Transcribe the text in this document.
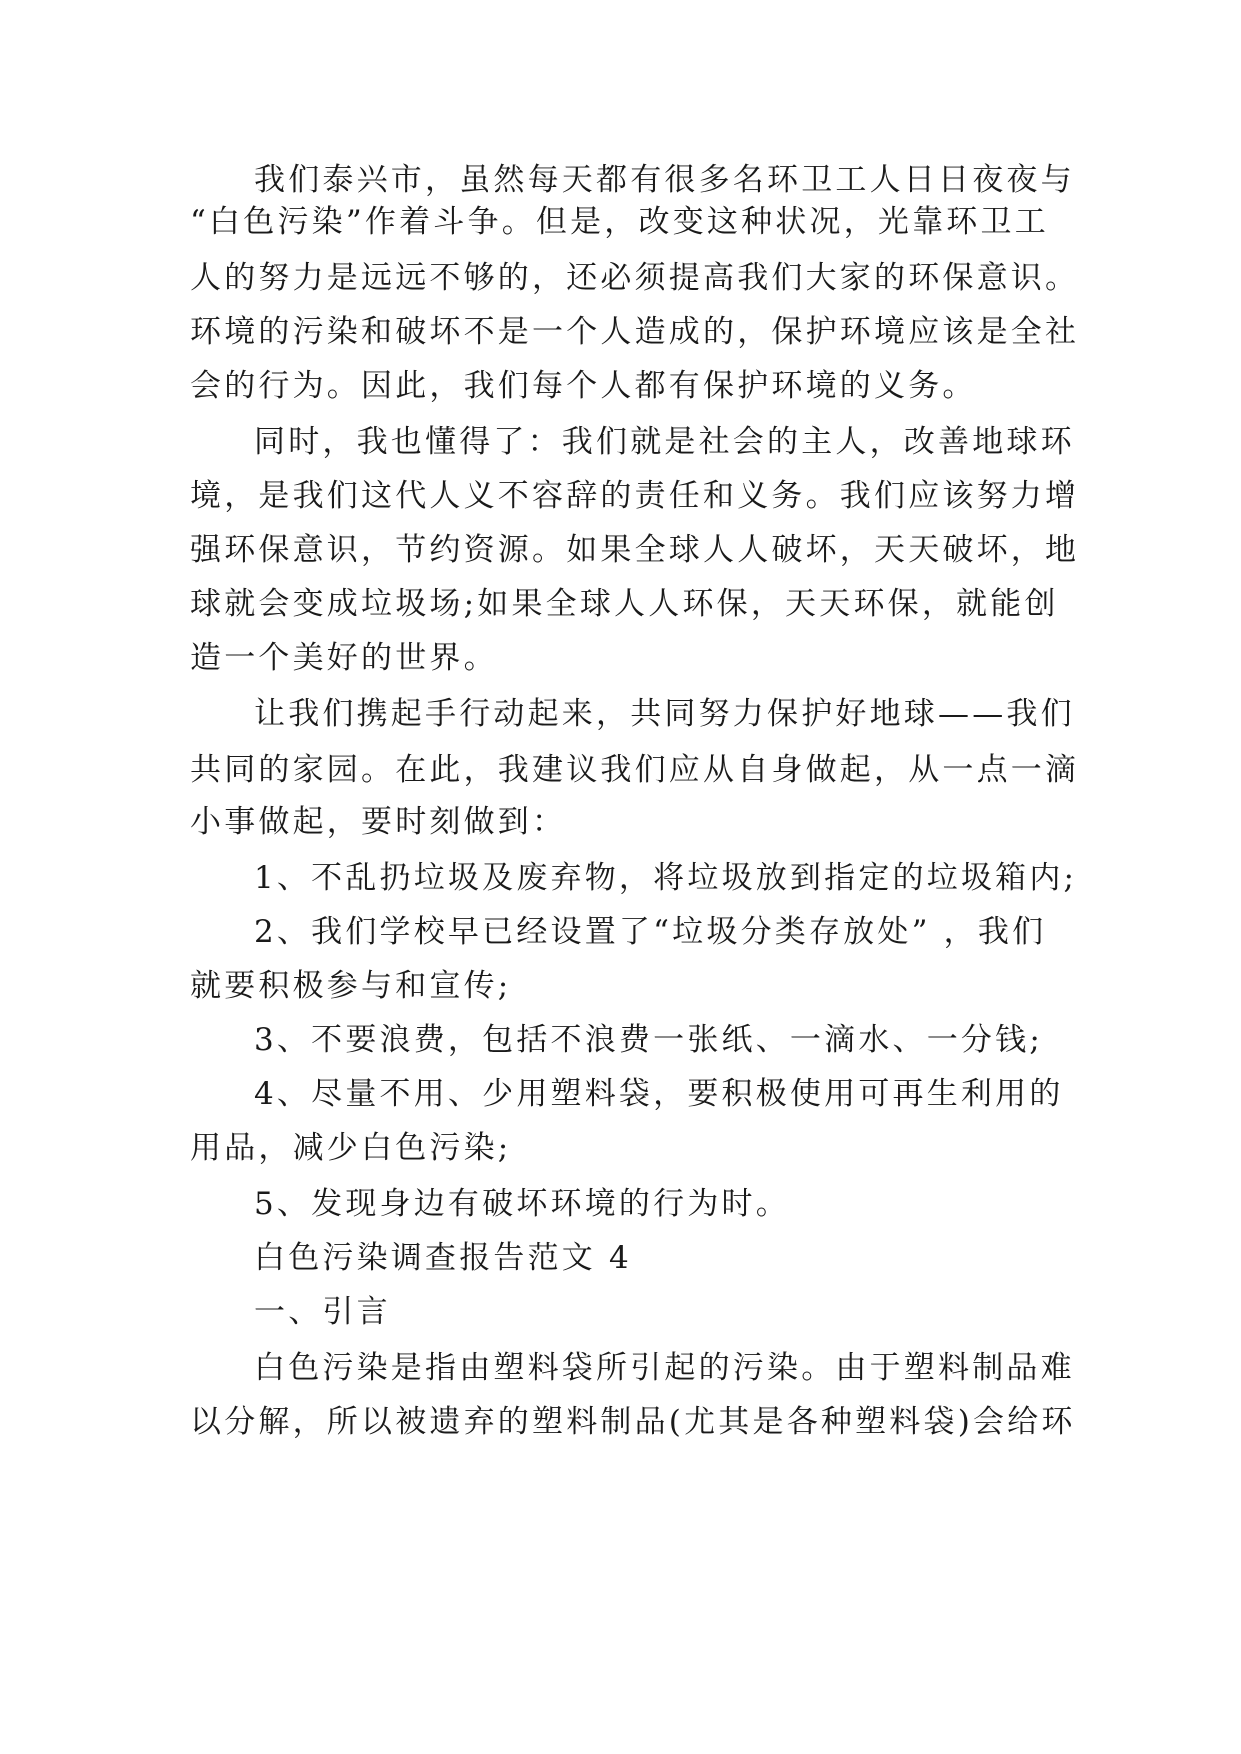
我们泰兴市，虽然每天都有很多名环卫工人日日夜夜与
“白色污染”作着斗争。但是，改变这种状况，光靠环卫工
人的努力是远远不够的，还必须提高我们大家的环保意识。
环境的污染和破坏不是一个人造成的，保护环境应该是全社
会的行为。因此，我们每个人都有保护环境的义务。
同时，我也懂得了：我们就是社会的主人，改善地球环
境，是我们这代人义不容辞的责任和义务。我们应该努力增
强环保意识，节约资源。如果全球人人破坏，天天破坏，地
球就会变成垃圾场;如果全球人人环保，天天环保，就能创
造一个美好的世界。
让我们携起手行动起来，共同努力保护好地球——我们
共同的家园。在此，我建议我们应从自身做起，从一点一滴
小事做起，要时刻做到：
1、不乱扔垃圾及废弃物，将垃圾放到指定的垃圾箱内;
2、我们学校早已经设置了“垃圾分类存放处” ，我们
就要积极参与和宣传;
3、不要浪费，包括不浪费一张纸、一滴水、一分钱;
4、尽量不用、少用塑料袋，要积极使用可再生利用的
用品，减少白色污染;
5、发现身边有破坏环境的行为时。
白色污染调查报告范文 4
一、引言
白色污染是指由塑料袋所引起的污染。由于塑料制品难
以分解，所以被遗弃的塑料制品(尤其是各种塑料袋)会给环
